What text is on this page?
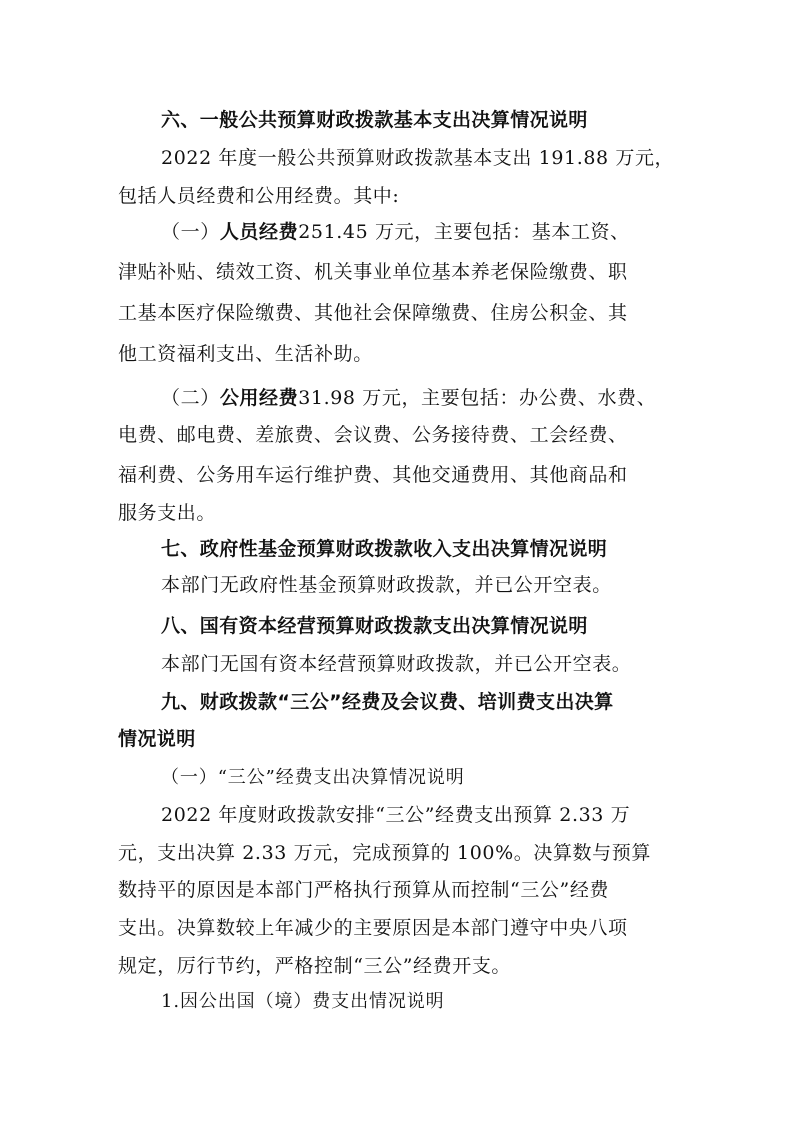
六、一般公共预算财政拨款基本支出决算情况说明

2022 年度一般公共预算财政拨款基本支出 191.88 万元，

包括人员经费和公用经费。其中:

（一）人员经费251.45 万元，主要包括：基本工资、

津贴补贴、绩效工资、机关事业单位基本养老保险缴费、职

工基本医疗保险缴费、其他社会保障缴费、住房公积金、其

他工资福利支出、生活补助。

（二）公用经费31.98 万元，主要包括：办公费、水费、

电费、邮电费、差旅费、会议费、公务接待费、工会经费、

福利费、公务用车运行维护费、其他交通费用、其他商品和

服务支出。

七、政府性基金预算财政拨款收入支出决算情况说明

本部门无政府性基金预算财政拨款，并已公开空表。

八、国有资本经营预算财政拨款支出决算情况说明

本部门无国有资本经营预算财政拨款，并已公开空表。

九、财政拨款“三公”经费及会议费、培训费支出决算

情况说明

（一）“三公”经费支出决算情况说明

2022 年度财政拨款安排“三公”经费支出预算 2.33 万

元，支出决算 2.33 万元，完成预算的 100%。决算数与预算

数持平的原因是本部门严格执行预算从而控制“三公”经费

支出。决算数较上年减少的主要原因是本部门遵守中央八项

规定，厉行节约，严格控制“三公”经费开支。

1.因公出国（境）费支出情况说明
